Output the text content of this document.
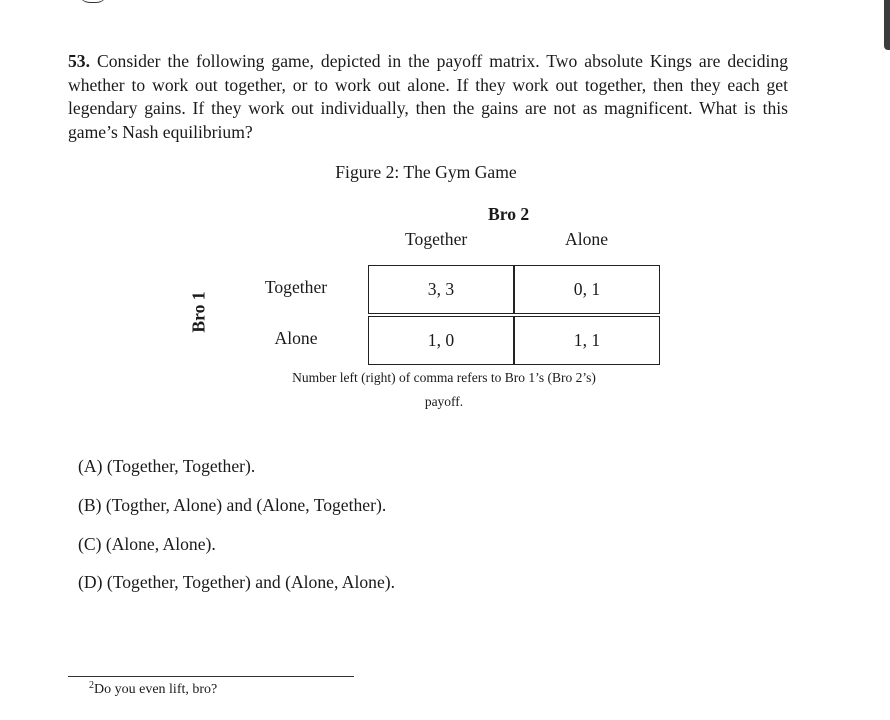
53. Consider the following game, depicted in the payoff matrix. Two absolute Kings are deciding whether to work out together, or to work out alone. If they work out together, then they each get legendary gains. If they work out individually, then the gains are not as magnificent. What is this game’s Nash equilibrium?
Figure 2: The Gym Game
Bro 2
Together	Alone
Bro 1
Together
Alone
3, 3	0, 1
1, 0	1, 1
Number left (right) of comma refers to Bro 1’s (Bro 2’s)
payoff.
(A) (Together, Together).
(B) (Togther, Alone) and (Alone, Together).
(C) (Alone, Alone).
(D) (Together, Together) and (Alone, Alone).
$^2$Do you even lift, bro?
